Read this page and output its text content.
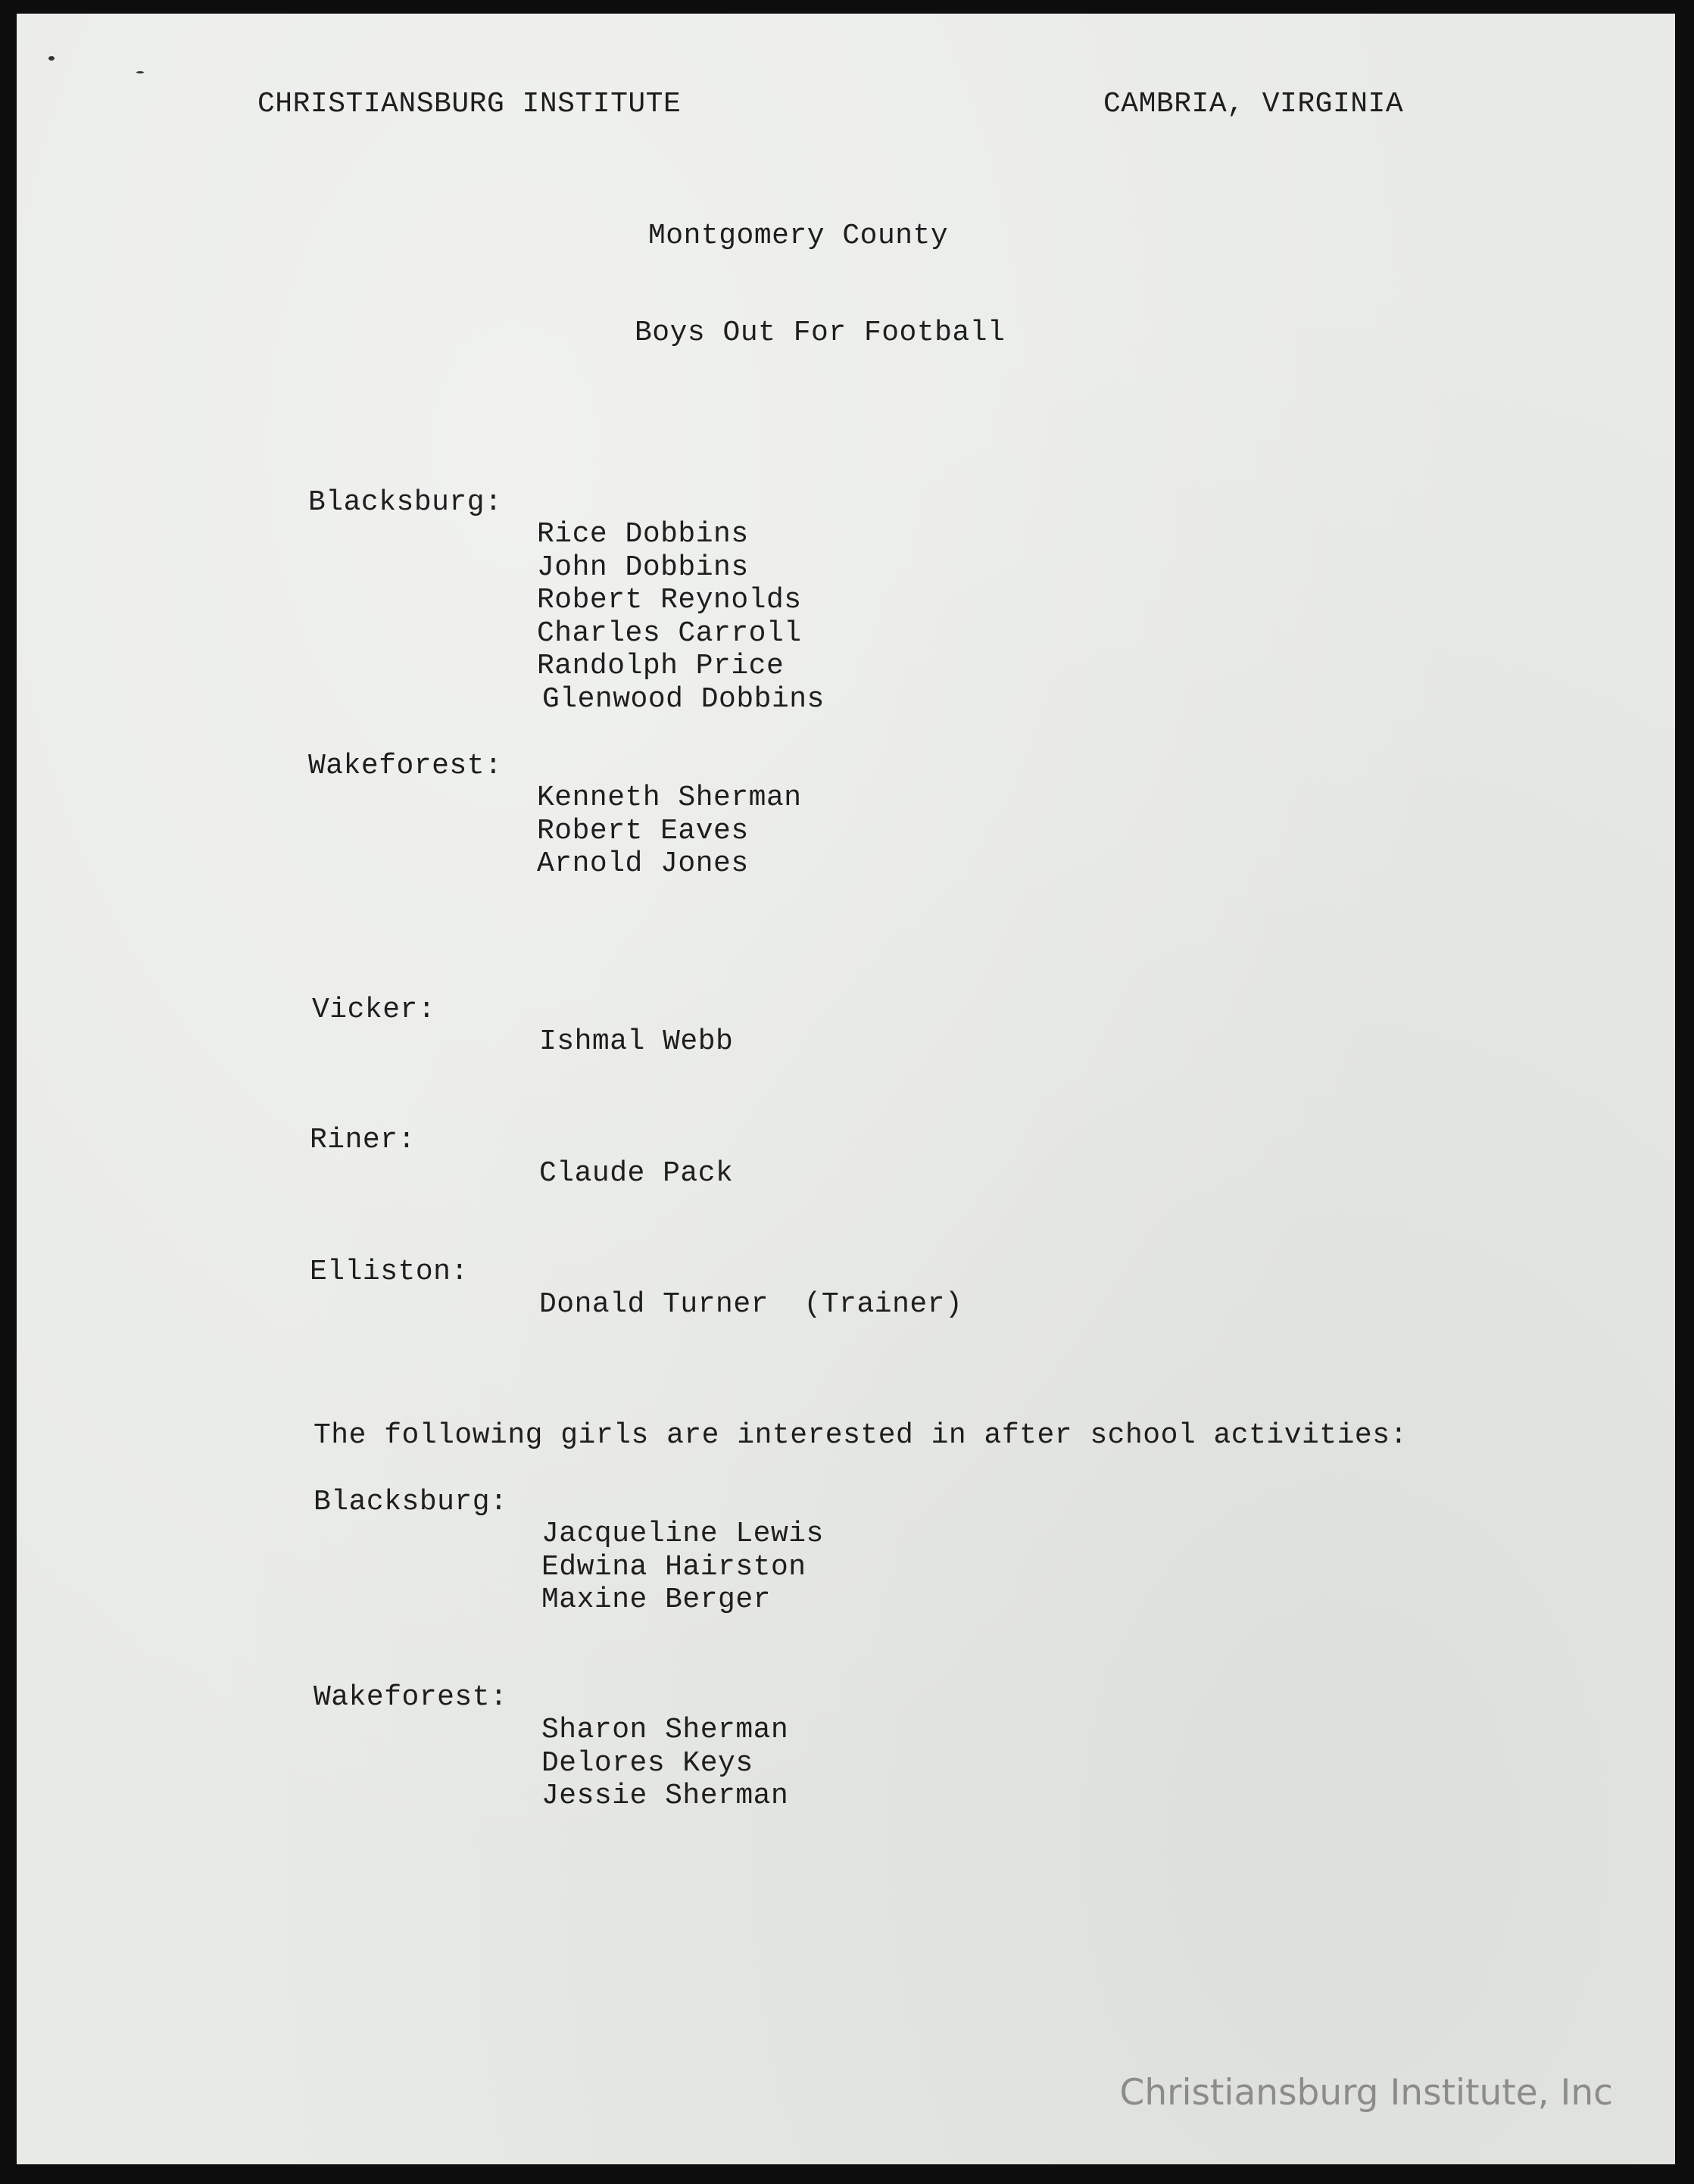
CHRISTIANSBURG INSTITUTE	CAMBRIA, VIRGINIA
Montgomery County
Boys Out For Football
Blacksburg:
Rice Dobbins
John Dobbins
Robert Reynolds
Charles Carroll
Randolph Price
Glenwood Dobbins
Wakeforest:
Kenneth Sherman
Robert Eaves
Arnold Jones
Vicker:
Ishmal Webb
Riner:
Claude Pack
Elliston:
Donald Turner  (Trainer)
The following girls are interested in after school activities:
Blacksburg:
Jacqueline Lewis
Edwina Hairston
Maxine Berger
Wakeforest:
Sharon Sherman
Delores Keys
Jessie Sherman
Christiansburg Institute, Inc
